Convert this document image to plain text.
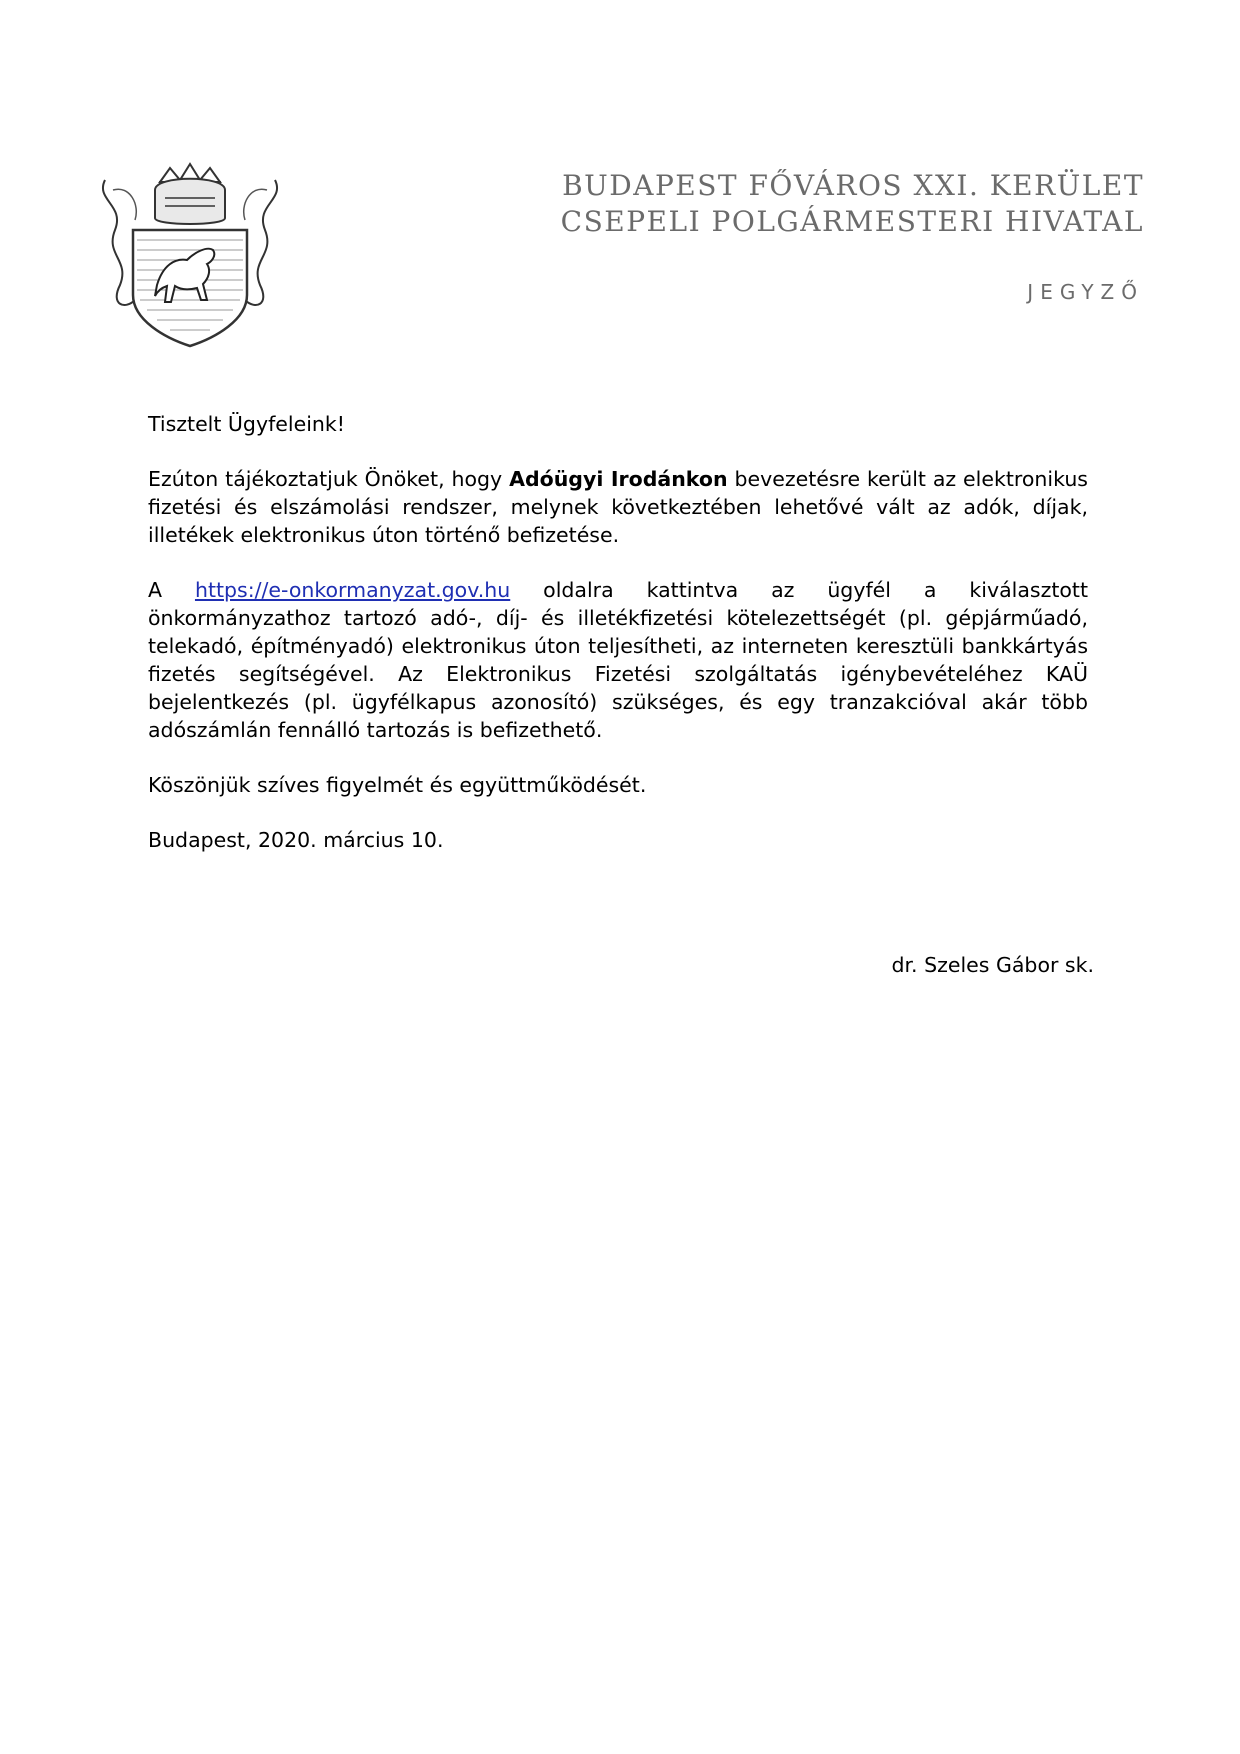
BUDAPEST FŐVÁROS XXI. KERÜLET
CSEPELI POLGÁRMESTERI HIVATAL
JEGYZŐ

Tisztelt Ügyfeleink!

Ezúton tájékoztatjuk Önöket, hogy Adóügyi Irodánkon bevezetésre került az elektronikus fizetési és elszámolási rendszer, melynek következtében lehetővé vált az adók, díjak, illetékek elektronikus úton történő befizetése.

A https://e-onkormanyzat.gov.hu oldalra kattintva az ügyfél a kiválasztott önkormányzathoz tartozó adó-, díj- és illetékfizetési kötelezettségét (pl. gépjárműadó, telekadó, építményadó) elektronikus úton teljesítheti, az interneten keresztüli bankkártyás fizetés segítségével. Az Elektronikus Fizetési szolgáltatás igénybevételéhez KAÜ bejelentkezés (pl. ügyfélkapus azonosító) szükséges, és egy tranzakcióval akár több adószámlán fennálló tartozás is befizethető.

Köszönjük szíves figyelmét és együttműködését.

Budapest, 2020. március 10.

dr. Szeles Gábor sk.
